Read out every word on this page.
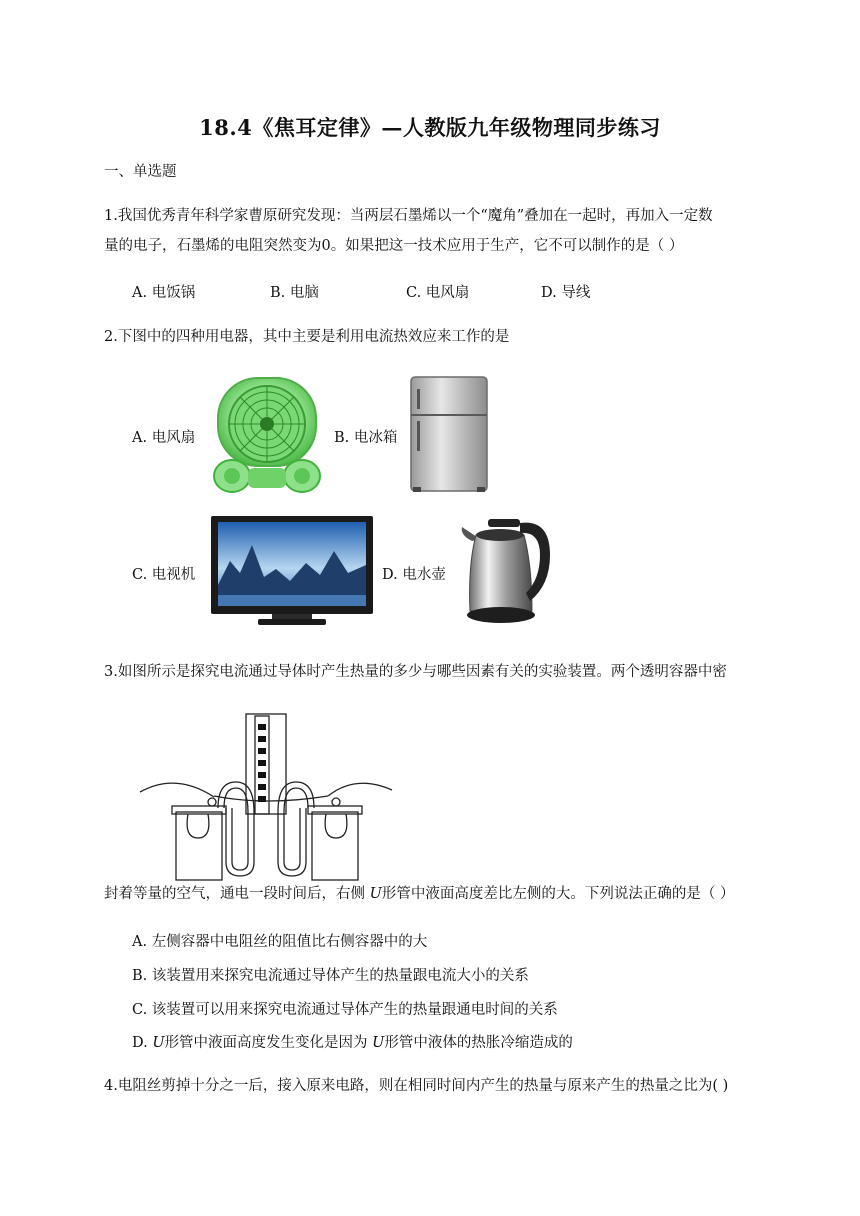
18.4《焦耳定律》—人教版九年级物理同步练习
一、单选题
1.我国优秀青年科学家曹原研究发现：当两层石墨烯以一个“魔角”叠加在一起时，再加入一定数
量的电子，石墨烯的电阻突然变为0。如果把这一技术应用于生产，它不可以制作的是（ ）
A. 电饭锅	B. 电脑	C. 电风扇	D. 导线
2.下图中的四种用电器，其中主要是利用电流热效应来工作的是
A. 电风扇	B. 电冰箱
C. 电视机	D. 电水壶
3.如图所示是探究电流通过导体时产生热量的多少与哪些因素有关的实验装置。两个透明容器中密
封着等量的空气，通电一段时间后，右侧 U形管中液面高度差比左侧的大。下列说法正确的是（ ）
A. 左侧容器中电阻丝的阻值比右侧容器中的大
B. 该装置用来探究电流通过导体产生的热量跟电流大小的关系
C. 该装置可以用来探究电流通过导体产生的热量跟通电时间的关系
D. U形管中液面高度发生变化是因为 U形管中液体的热胀冷缩造成的
4.电阻丝剪掉十分之一后，接入原来电路，则在相同时间内产生的热量与原来产生的热量之比为( )
